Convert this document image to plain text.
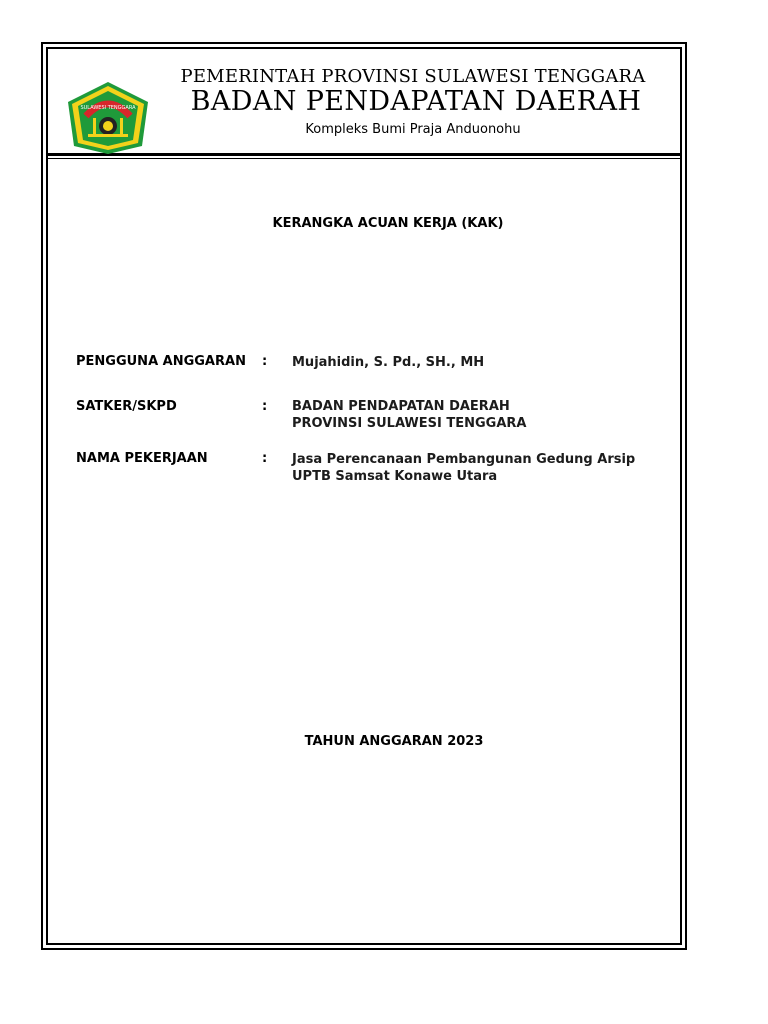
SULAWESI TENGGARA
PEMERINTAH PROVINSI SULAWESI TENGGARA
BADAN PENDAPATAN DAERAH
Kompleks Bumi Praja Anduonohu
KERANGKA ACUAN KERJA (KAK)
PENGGUNA ANGGARAN : Mujahidin, S. Pd., SH., MH
SATKER/SKPD	: BADAN PENDAPATAN DAERAH
PROVINSI SULAWESI TENGGARA
NAMA PEKERJAAN	: Jasa Perencanaan Pembangunan Gedung Arsip
UPTB Samsat Konawe Utara
TAHUN ANGGARAN 2023
